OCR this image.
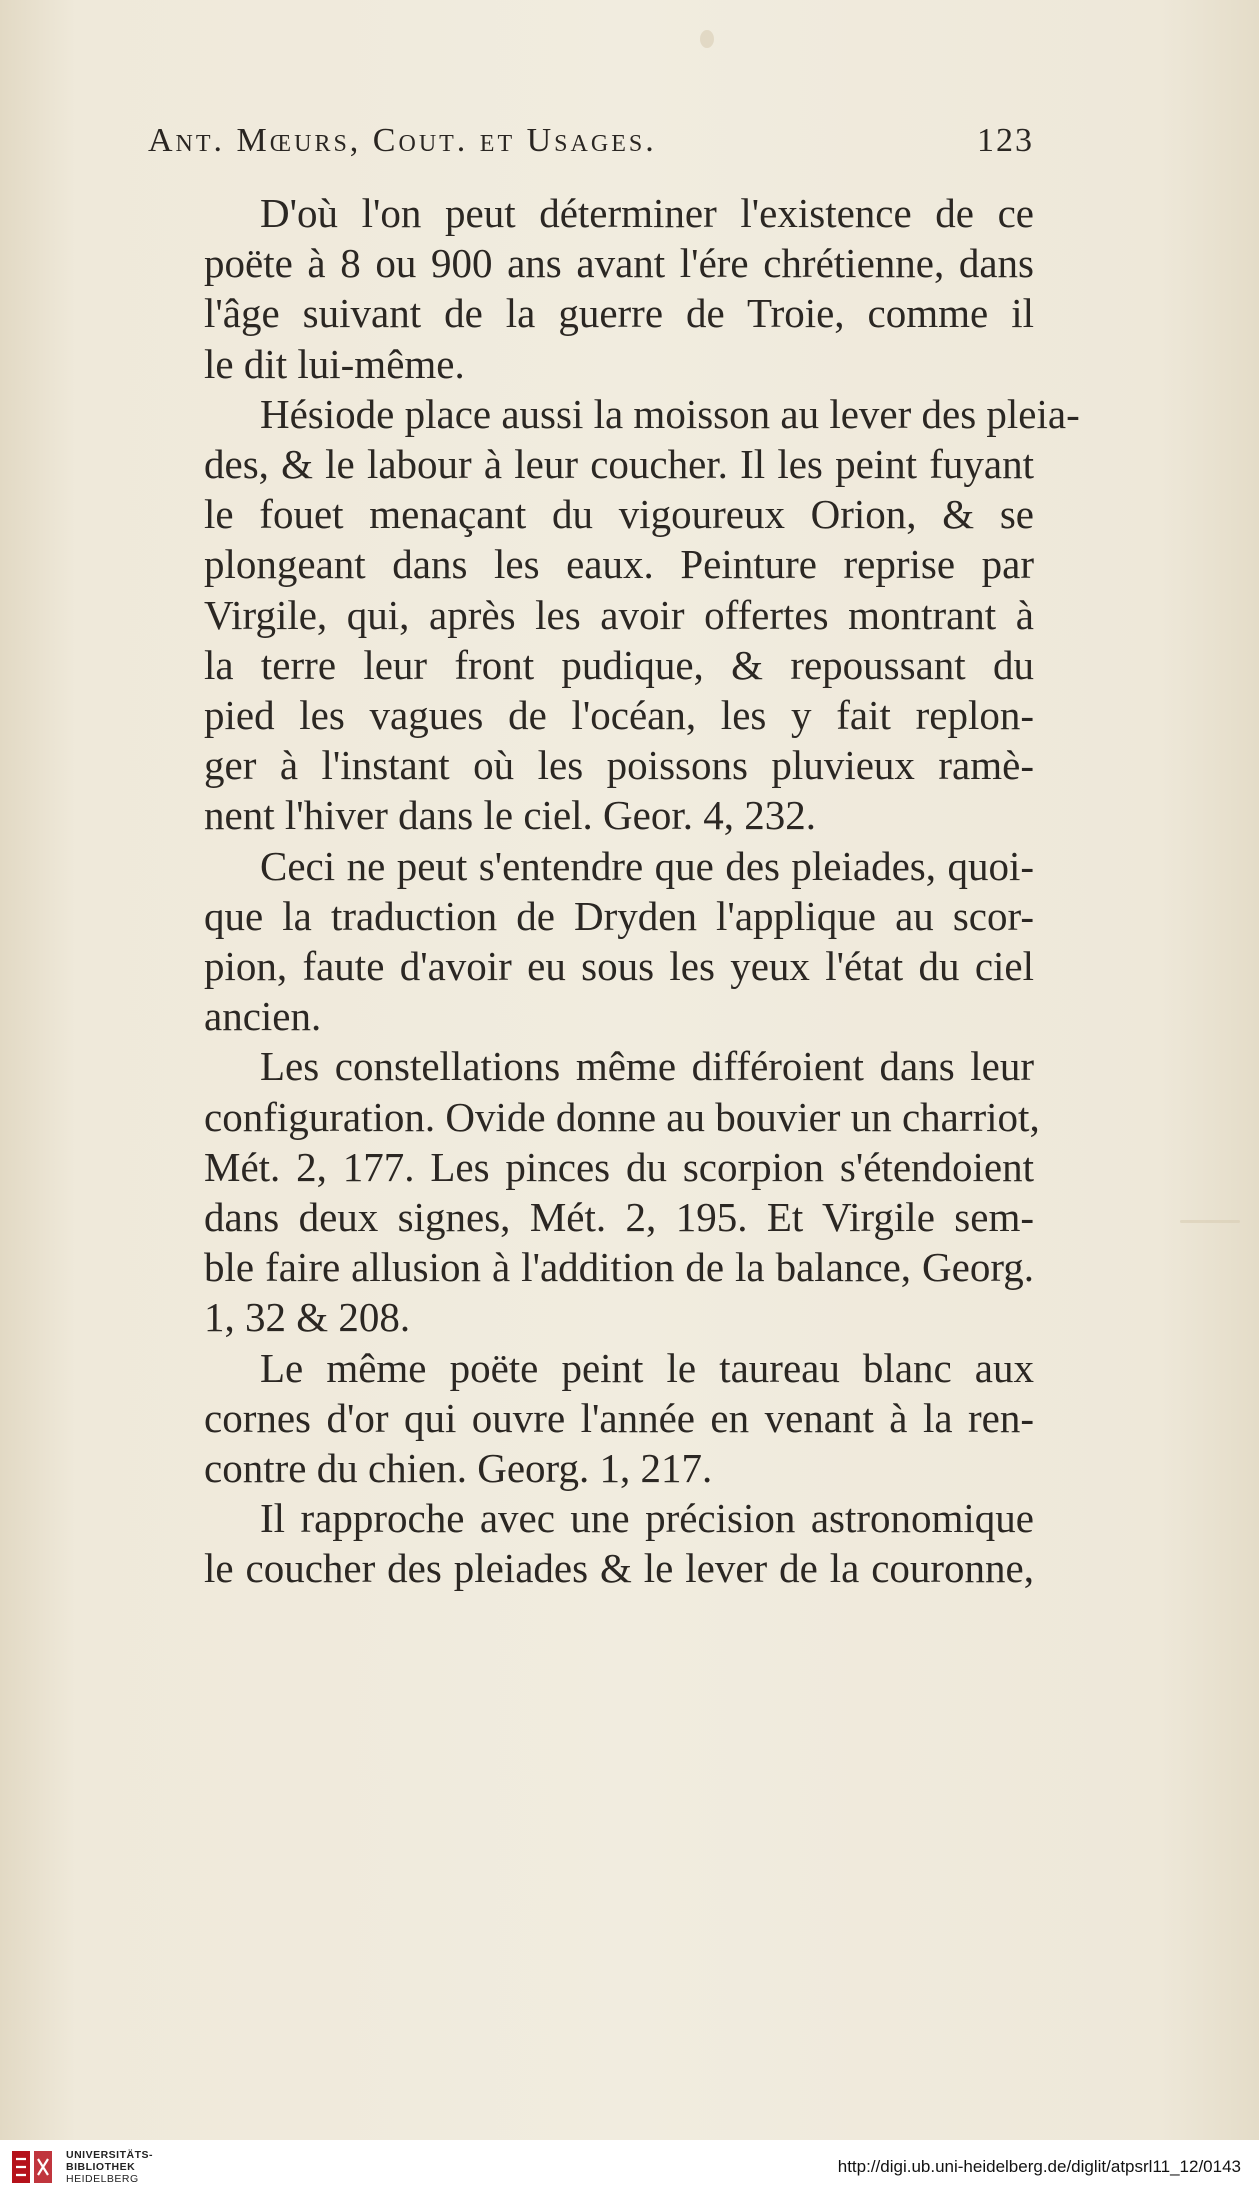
Ant. Mœurs, Cout. et Usages.	123
D'où l'on peut déterminer l'existence de ce
poëte à 8 ou 900 ans avant l'ére chrétienne, dans
l'âge suivant de la guerre de Troie, comme il
le dit lui-même.
Hésiode place aussi la moisson au lever des pleia-
des, & le labour à leur coucher. Il les peint fuyant
le fouet menaçant du vigoureux Orion, & se
plongeant dans les eaux. Peinture reprise par
Virgile, qui, après les avoir offertes montrant à
la terre leur front pudique, & repoussant du
pied les vagues de l'océan, les y fait replon-
ger à l'instant où les poissons pluvieux ramè-
nent l'hiver dans le ciel. Geor. 4, 232.
Ceci ne peut s'entendre que des pleiades, quoi-
que la traduction de Dryden l'applique au scor-
pion, faute d'avoir eu sous les yeux l'état du ciel
ancien.
Les constellations même différoient dans leur
configuration. Ovide donne au bouvier un charriot,
Mét. 2, 177. Les pinces du scorpion s'étendoient
dans deux signes, Mét. 2, 195. Et Virgile sem-
ble faire allusion à l'addition de la balance, Georg.
1, 32 & 208.
Le même poëte peint le taureau blanc aux
cornes d'or qui ouvre l'année en venant à la ren-
contre du chien. Georg. 1, 217.
Il rapproche avec une précision astronomique
le coucher des pleiades & le lever de la couronne,
UNIVERSITÄTS-
BIBLIOTHEK
HEIDELBERG
http://digi.ub.uni-heidelberg.de/diglit/atpsrl11_12/0143
